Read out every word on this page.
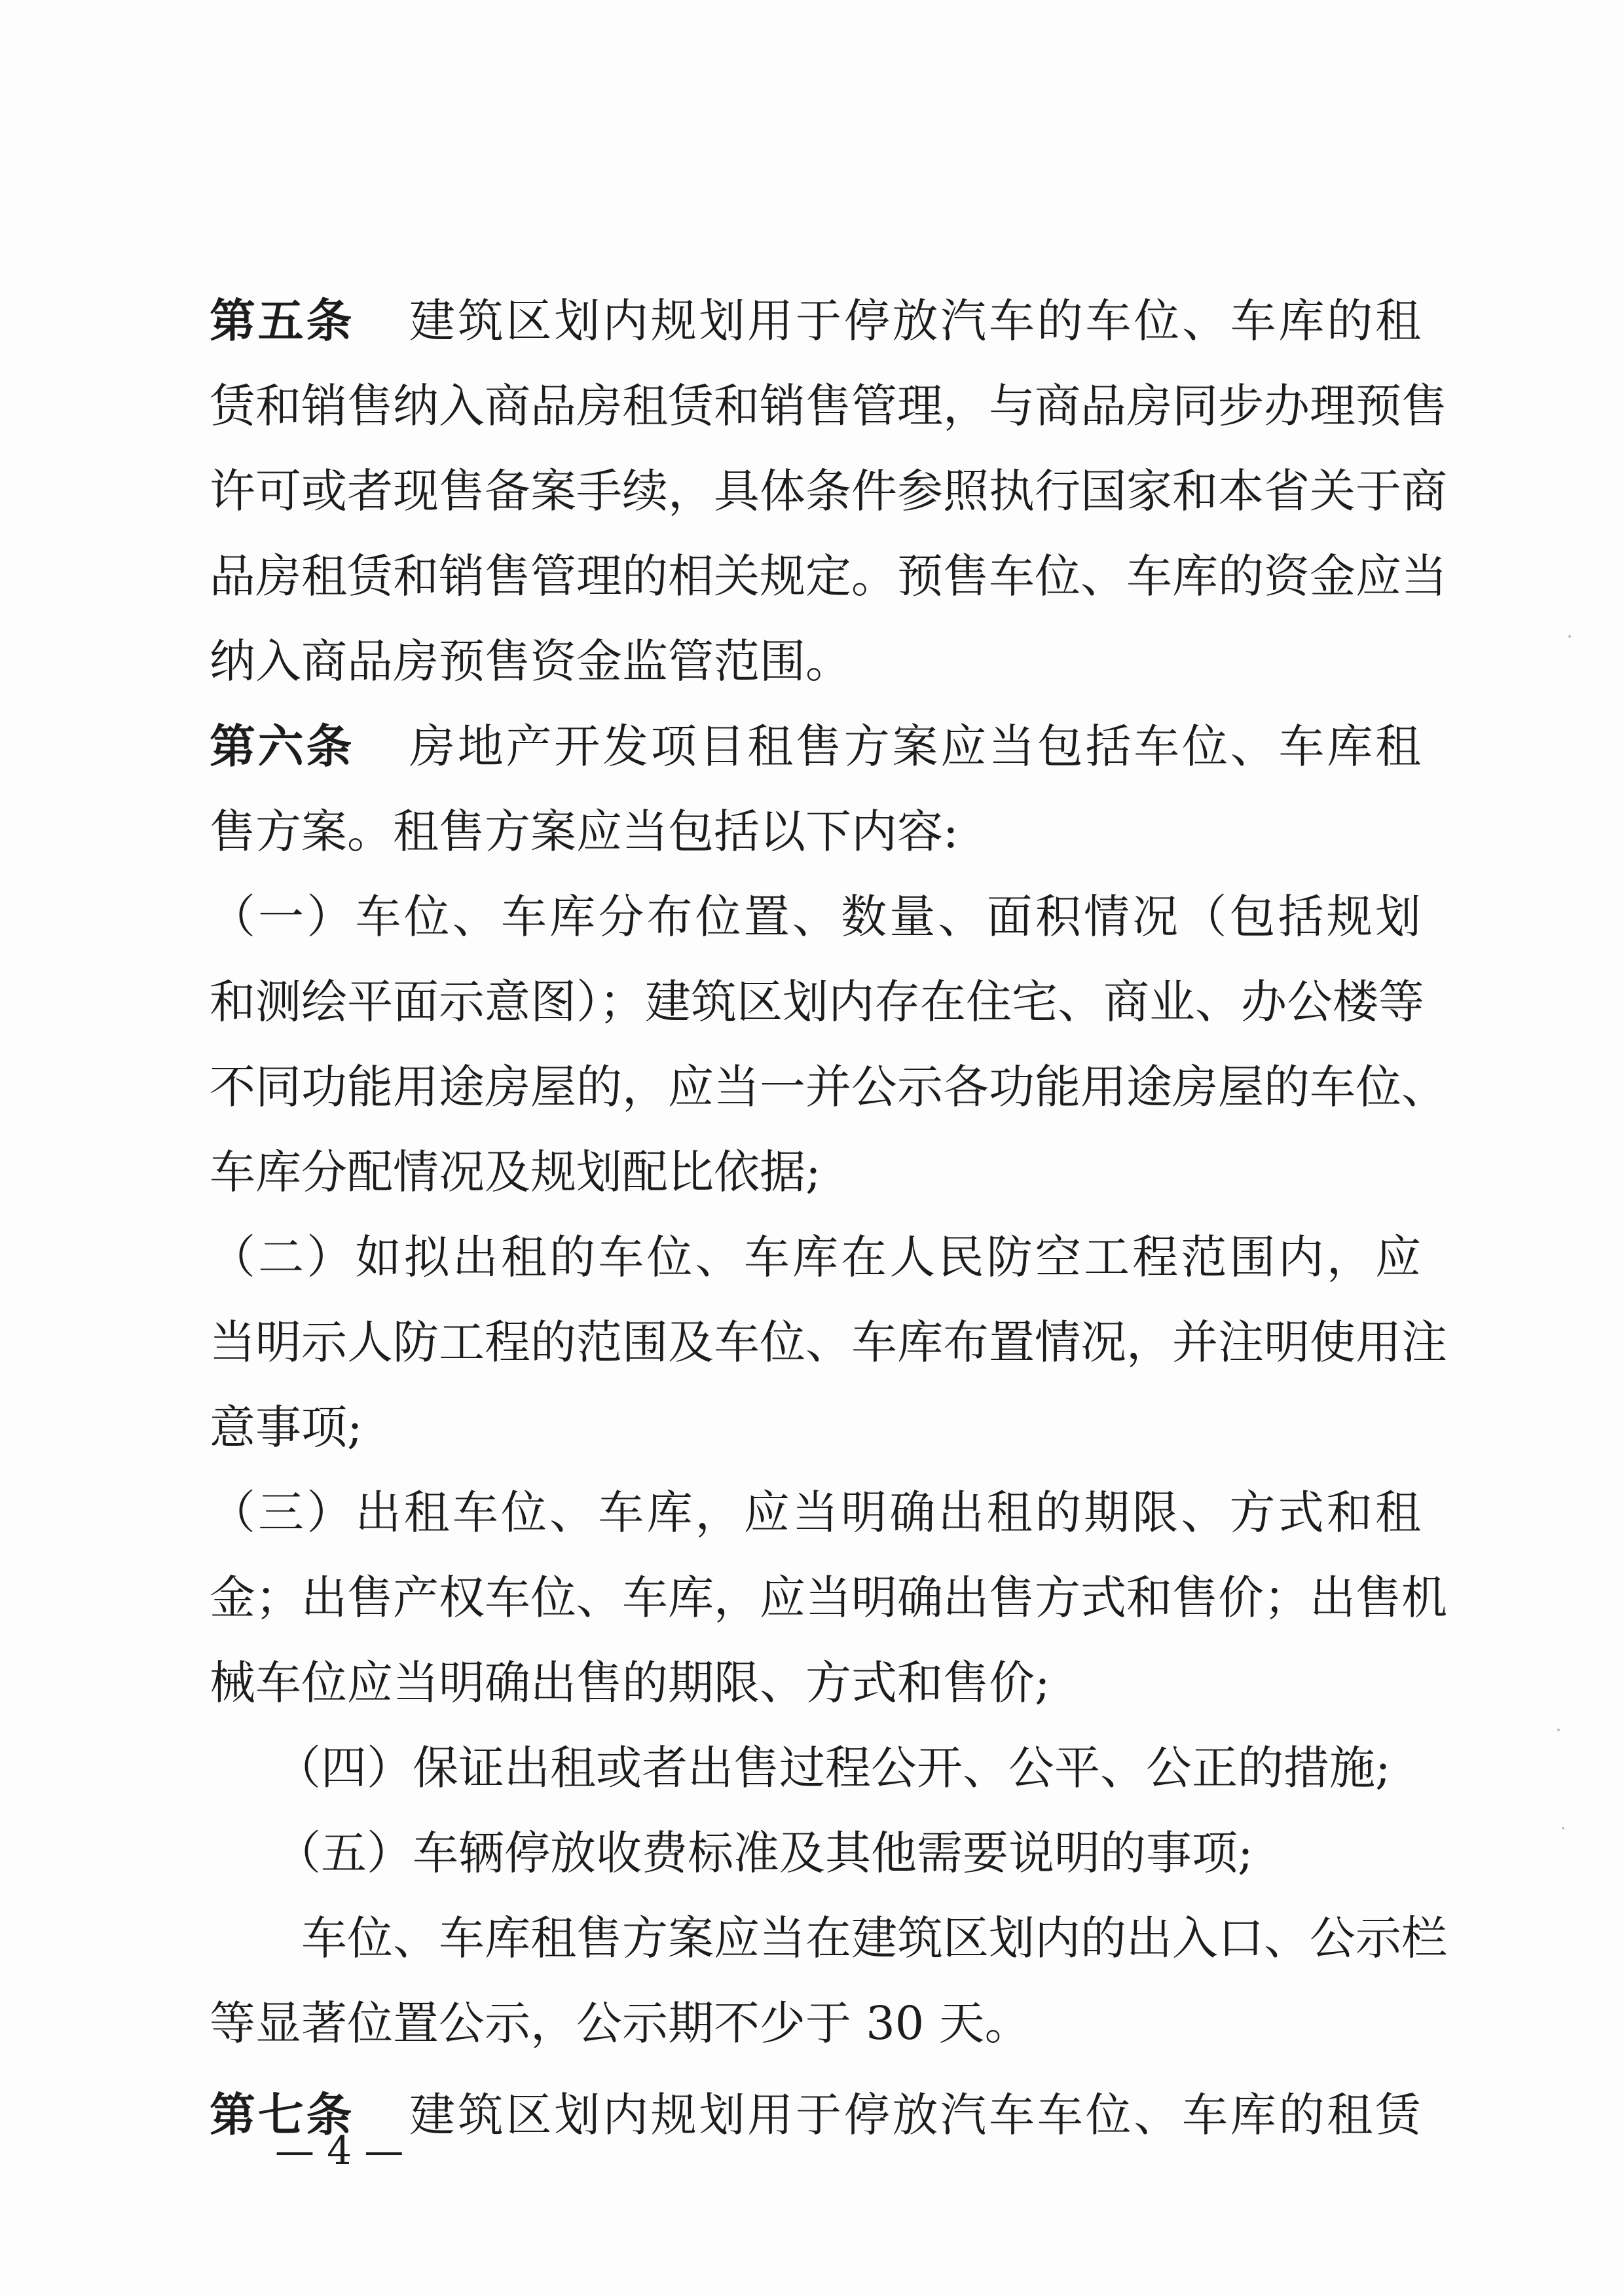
第五条 建筑区划内规划用于停放汽车的车位、车库的租
赁和销售纳入商品房租赁和销售管理，与商品房同步办理预售
许可或者现售备案手续，具体条件参照执行国家和本省关于商
品房租赁和销售管理的相关规定。预售车位、车库的资金应当
纳入商品房预售资金监管范围。
第六条 房地产开发项目租售方案应当包括车位、车库租
售方案。租售方案应当包括以下内容:
（一）车位、车库分布位置、数量、面积情况（包括规划
和测绘平面示意图）；建筑区划内存在住宅、商业、办公楼等
不同功能用途房屋的，应当一并公示各功能用途房屋的车位、
车库分配情况及规划配比依据;
（二）如拟出租的车位、车库在人民防空工程范围内，应
当明示人防工程的范围及车位、车库布置情况，并注明使用注
意事项;
（三）出租车位、车库，应当明确出租的期限、方式和租
金；出售产权车位、车库，应当明确出售方式和售价；出售机
械车位应当明确出售的期限、方式和售价;
（四）保证出租或者出售过程公开、公平、公正的措施;
（五）车辆停放收费标准及其他需要说明的事项;
车位、车库租售方案应当在建筑区划内的出入口、公示栏
等显著位置公示，公示期不少于 30 天。
第七条 建筑区划内规划用于停放汽车车位、车库的租赁
— 4 —
